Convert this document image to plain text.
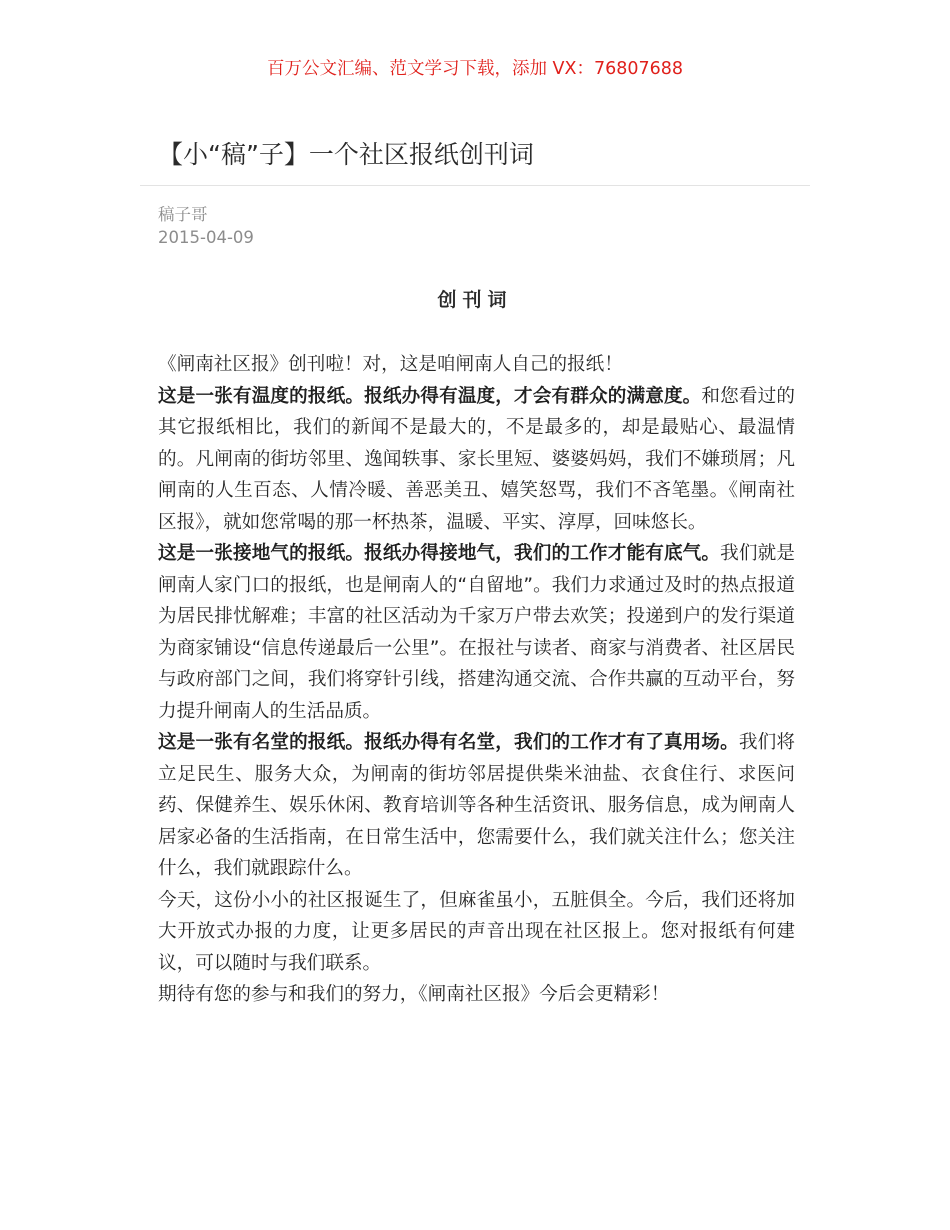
百万公文汇编、范文学习下载，添加 VX：76807688
【小“稿”子】一个社区报纸创刊词
稿子哥
2015-04-09
创刊词

《闸南社区报》创刊啦！对，这是咱闸南人自己的报纸！

这是一张有温度的报纸。报纸办得有温度，才会有群众的满意度。和您看过的其它报纸相比，我们的新闻不是最大的，不是最多的，却是最贴心、最温情的。凡闸南的街坊邻里、逸闻轶事、家长里短、婆婆妈妈，我们不嫌琐屑；凡闸南的人生百态、人情冷暖、善恶美丑、嬉笑怒骂，我们不吝笔墨。《闸南社区报》，就如您常喝的那一杯热茶，温暖、平实、淳厚，回味悠长。

这是一张接地气的报纸。报纸办得接地气，我们的工作才能有底气。我们就是闸南人家门口的报纸，也是闸南人的“自留地”。我们力求通过及时的热点报道为居民排忧解难；丰富的社区活动为千家万户带去欢笑；投递到户的发行渠道为商家铺设“信息传递最后一公里”。在报社与读者、商家与消费者、社区居民与政府部门之间，我们将穿针引线，搭建沟通交流、合作共赢的互动平台，努力提升闸南人的生活品质。

这是一张有名堂的报纸。报纸办得有名堂，我们的工作才有了真用场。我们将立足民生、服务大众，为闸南的街坊邻居提供柴米油盐、衣食住行、求医问药、保健养生、娱乐休闲、教育培训等各种生活资讯、服务信息，成为闸南人居家必备的生活指南，在日常生活中，您需要什么，我们就关注什么；您关注什么，我们就跟踪什么。

今天，这份小小的社区报诞生了，但麻雀虽小，五脏俱全。今后，我们还将加大开放式办报的力度，让更多居民的声音出现在社区报上。您对报纸有何建议，可以随时与我们联系。

期待有您的参与和我们的努力，《闸南社区报》今后会更精彩！
